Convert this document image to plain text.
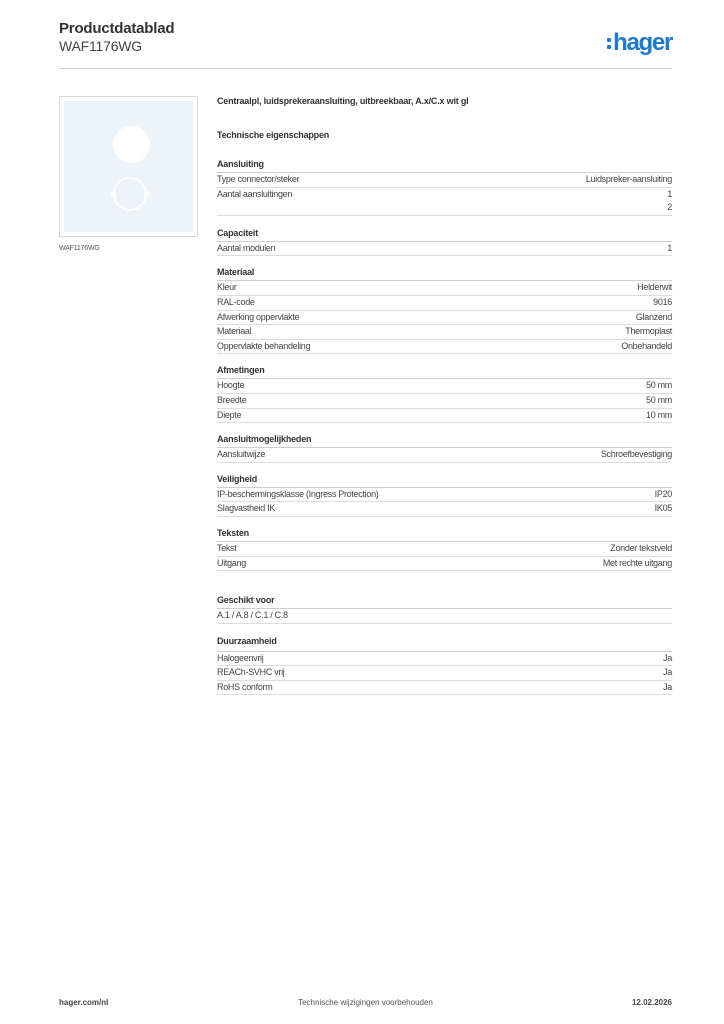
Productdatablad
WAF1176WG	hager
WAF1176WG
Centraalpl, luidsprekeraansluiting, uitbreekbaar, A.x/C.x wit gl
Technische eigenschappen
Aansluiting
Type connector/steker	Luidspreker-aansluiting
Aantal aansluitingen	1
2
Capaciteit
Aantal modulen	1
Materiaal
Kleur	Helderwit
RAL-code	9016
Afwerking oppervlakte	Glanzend
Materiaal	Thermoplast
Oppervlakte behandeling	Onbehandeld
Afmetingen
Hoogte	50 mm
Breedte	50 mm
Diepte	10 mm
Aansluitmogelijkheden
Aansluitwijze	Schroefbevestiging
Veiligheid
IP-beschermingsklasse (Ingress Protection)	IP20
Slagvastheid IK	IK05
Teksten
Tekst	Zonder tekstveld
Uitgang	Met rechte uitgang
Geschikt voor
A.1 / A.8 / C.1 / C.8
Duurzaamheid
Halogeenvrij	Ja
REACh-SVHC vrij	Ja
RoHS conform	Ja
hager.com/nl	Technische wijzigingen voorbehouden	12.02.2026
